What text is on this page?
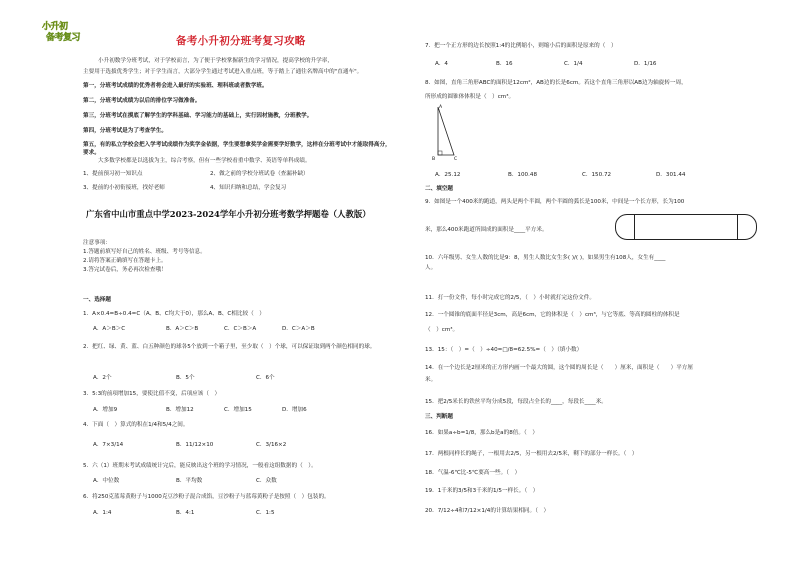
小升初
备考复习	备考小升初分班考复习攻略
小升初数学分班考试，对于学校而言，为了便于学校掌握新生的学习情况，提高学校的升学率，
主要用于选拔优秀学生；对于学生而言，大部分学生通过考试进入重点班，等于踏上了通往名牌高中的"直通车"。
第一，分班考试成绩的优秀者将会进入最好的实验班、理科班或者数学班。
第二，分班考试成绩为以后的排位学习做准备。
第三，分班考试在摸底了解学生的学科基础、学习能力的基础上，实行因材施教，分班教学。
第四，分班考试是为了考查学生。
第五，有的私立学校会把入学考试成绩作为奖学金依据，学生要想拿奖学金需要学好数学，这样在分班考试中才能取得高分，
要求。
大多数学校都是以选拔为主，综合考察，但有一些学校看重中数学、英语等单科成绩。
1、提前预习初一知识点	2、做之前的学校分班试卷（查漏补缺）
3、提前的小初衔接班，找好老师	4、知识归纳和总结，学会复习
广东省中山市重点中学2023-2024学年小升初分班考数学押题卷（人教版）
注意事项：
1.答题前填写好自己的姓名、班级、考号等信息。
2.请将答案正确填写在答题卡上。
3.答完试卷后，务必再次检查哦！
一、选择题
1．A×0.4=B÷0.4=C（A、B、C均大于0），那么A、B、C相比较（　）
A．A＞B＞C	B．A＞C＞B	C．C＞B＞A	D．C＞A＞B
2．把红、绿、黄、蓝、白五种颜色的球各5个放到一个箱子里，至少取（　）个球，可以保证取到两个颜色相同的球。
A．2个	B．5个	C．6个
3．5:3的前项增加15，要使比值不变，后项应该（　）
A．增加9	B．增加12	C．增加15	D．增加6
4．下面（　）算式的积在1/4和5/4之间。
A．7×3/14	B．11/12×10	C．3/16×2
5．六（1）班期末考试成绩统计完后，能反映出这个班的学习情况，一般看这组数据的（　）。
A．中位数	B．平均数	C．众数
6．将250克蓝莓黄粉子与1000克豆沙粉子混合成馅，豆沙粉子与蓝莓黄粉子是按照（　）包装的。
A．1:4	B．4:1	C．1:5
7．把一个正方形的边长按照1:4的比例缩小，则缩小后的面积是原来的（　）
A．4	B．16	C．1/4	D．1/16
8．如图，直角三角形ABC的面积是12cm²，AB边的长是6cm。若这个直角三角形以AB边为轴旋转一周，
所形成的圆锥体体积是（　）cm³。
A
B	C
A．25.12	B．100.48	C．150.72	D．301.44
二、填空题
9．如图是一个400米的跑道，两头是两个半圆，两个半圆的弧长是100米，中间是一个长方形，长为100
米，那么400米跑道所围成的面积是____平方米。
10．六年级男、女生人数的比是9：8，男生人数比女生多( )/( )，如果男生有108人，女生有____
人。
11．打一份文件，每小时完成它的2/5，（　）小时就打完这份文件。
12．一个圆锥的底面半径是3cm，高是6cm，它的体积是（　）cm³，与它等底、等高的圆柱的体积是
（　）cm³。
13．15：（　）=（　）÷40=□/8=62.5%=（　）（填小数）
14．在一个边长是2厘米的正方形内画一个最大的圆，这个圆的周长是（　　）厘米，面积是（　　）平方厘
米。
15．把2/5米长的铁丝平均分成5段，每段占全长的____，每段长____米。
三、判断题
16．如果a÷b=1/8，那么b是a的8倍。（　）
17．两根同样长的绳子，一根用去2/5，另一根用去2/5米，剩下的部分一样长。（　）
18．气温-6℃比-5℃要高一些。（　）
19．1千米的3/5和3千米的1/5一样长。（　）
20．7/12÷4和7/12×1/4的计算结果相同。（　）
